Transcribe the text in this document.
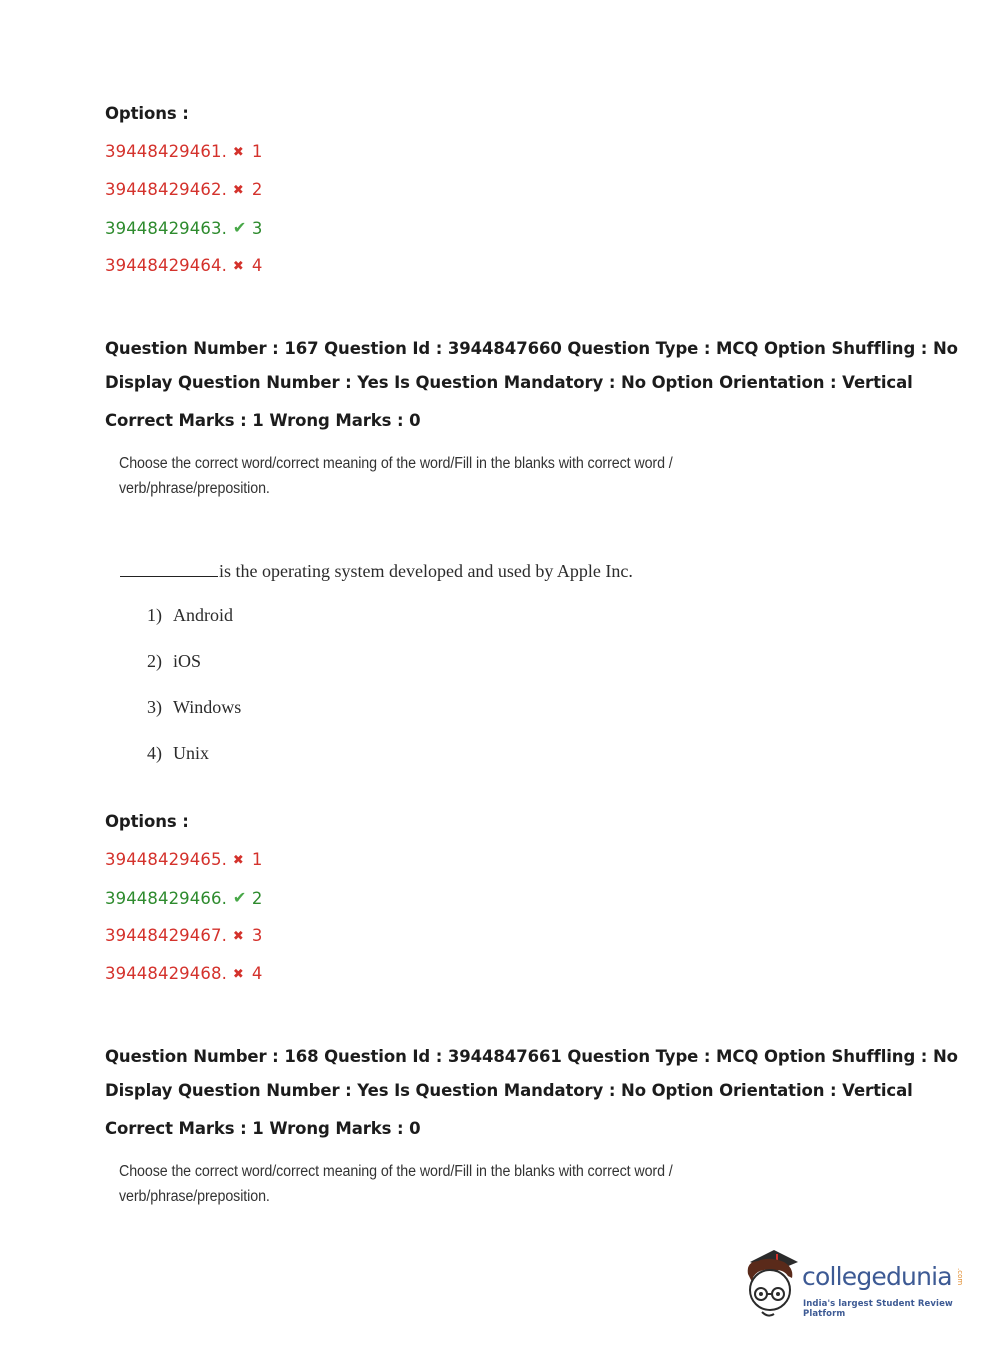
Options :
39448429461. ✖ 1
39448429462. ✖ 2
39448429463. ✔ 3
39448429464. ✖ 4
Question Number : 167 Question Id : 3944847660 Question Type : MCQ Option Shuffling : No
Display Question Number : Yes Is Question Mandatory : No Option Orientation : Vertical
Correct Marks : 1 Wrong Marks : 0
Choose the correct word/correct meaning of the word/Fill in the blanks with correct word /
verb/phrase/preposition.
is the operating system developed and used by Apple Inc.
1) Android
2) iOS
3) Windows
4) Unix
Options :
39448429465. ✖ 1
39448429466. ✔ 2
39448429467. ✖ 3
39448429468. ✖ 4
Question Number : 168 Question Id : 3944847661 Question Type : MCQ Option Shuffling : No
Display Question Number : Yes Is Question Mandatory : No Option Orientation : Vertical
Correct Marks : 1 Wrong Marks : 0
Choose the correct word/correct meaning of the word/Fill in the blanks with correct word /
verb/phrase/preposition.
collegedunia .com
India's largest Student Review Platform
